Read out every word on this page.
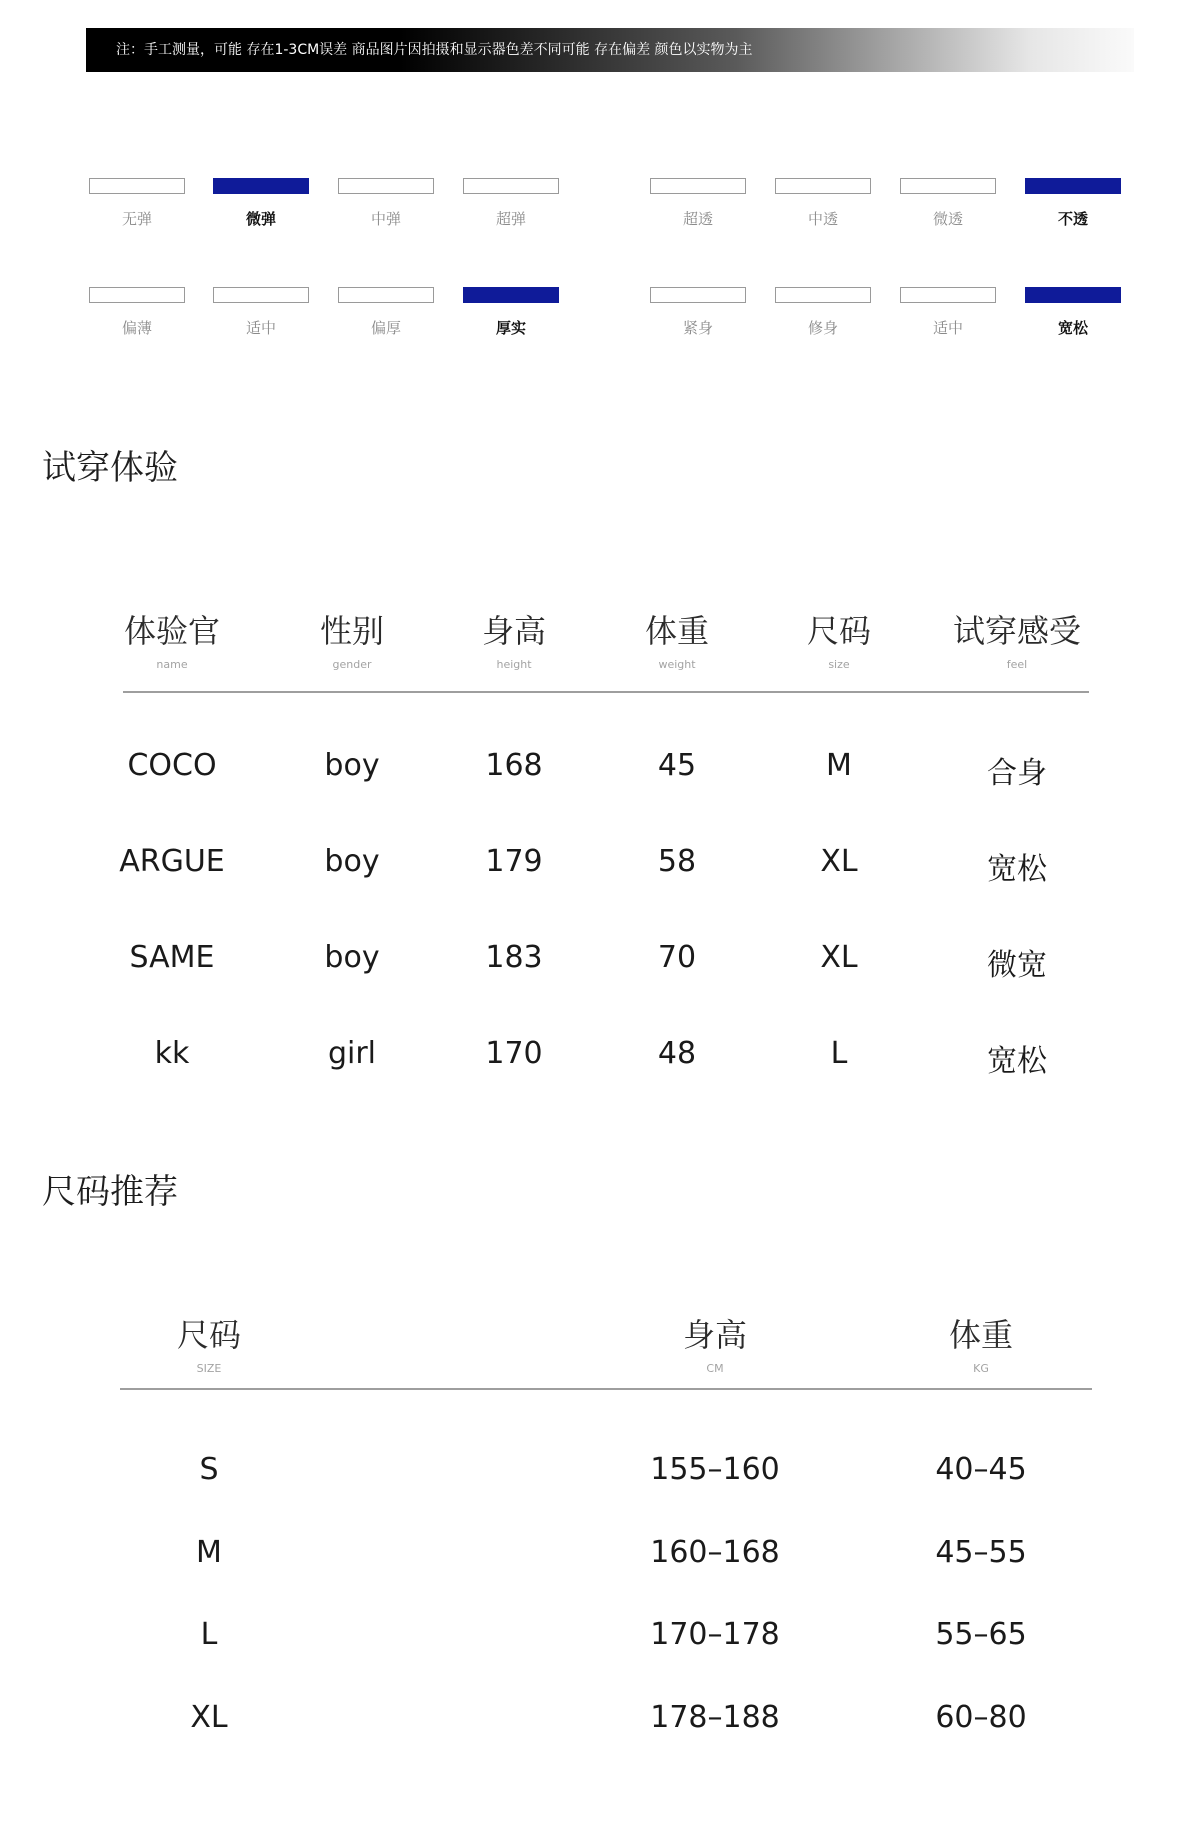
注：手工测量，可能 存在1-3CM误差 商品图片因拍摄和显示器色差不同可能 存在偏差 颜色以实物为主
无弹	微弹	中弹	超弹	超透	中透	微透	不透
偏薄	适中	偏厚	厚实	紧身	修身	适中	宽松
试穿体验
体验官
name
性别
gender
身高
height
体重
weight
尺码
size
试穿感受
feel
COCO	boy	168	45	M	合身
ARGUE	boy	179	58	XL	宽松
SAME	boy	183	70	XL	微宽
kk	girl	170	48	L	宽松
尺码推荐
尺码
SIZE
身高
CM
体重
KG
S	155–160	40–45
M	160–168	45–55
L	170–178	55–65
XL	178–188	60–80
